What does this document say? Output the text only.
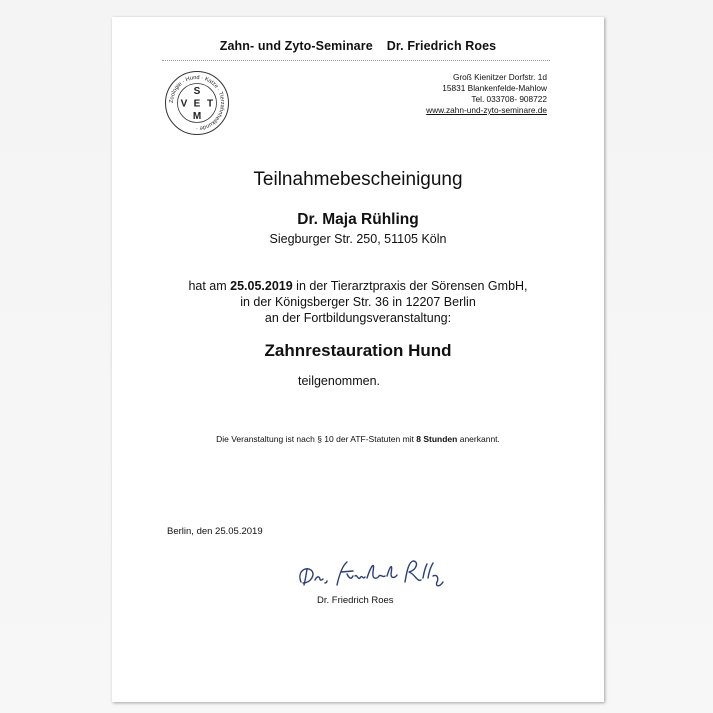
Zahn- und Zyto-Seminare Dr. Friedrich Roes
Zoologie · Hund · Katze · Tierzahnheilkunde ·
S
V E T
M
Groß Kienitzer Dorfstr. 1d
15831 Blankenfelde-Mahlow
Tel. 033708- 908722
www.zahn-und-zyto-seminare.de
Teilnahmebescheinigung
Dr. Maja Rühling
Siegburger Str. 250, 51105 Köln
hat am 25.05.2019 in der Tierarztpraxis der Sörensen GmbH,
in der Königsberger Str. 36 in 12207 Berlin
an der Fortbildungsveranstaltung:
Zahnrestauration Hund
teilgenommen.
Die Veranstaltung ist nach § 10 der ATF-Statuten mit 8 Stunden anerkannt.
Berlin, den 25.05.2019
Dr. Friedrich Roes
